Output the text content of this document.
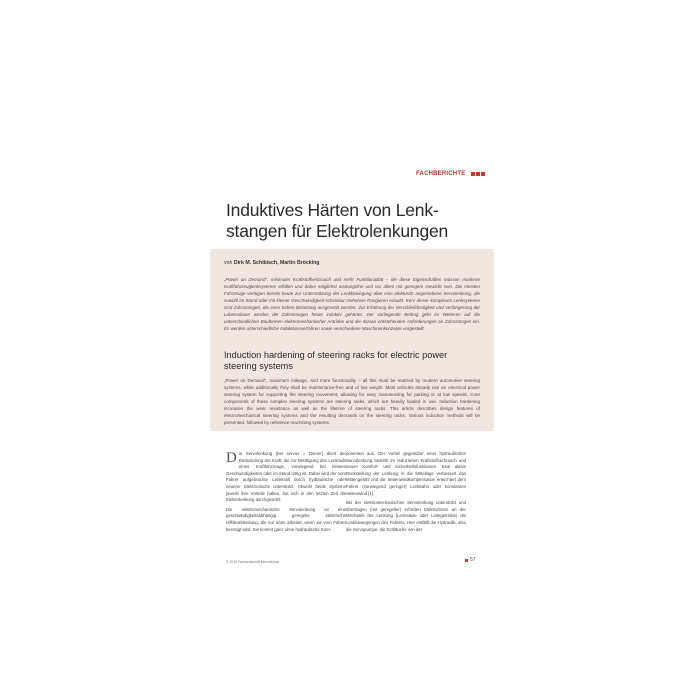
FACHBERICHTE
Induktives Härten von Lenk-stangen für Elektrolenkungen
von Dirk M. Schibisch, Martin Bröcking
„Power on Demand", minimaler Kraftstoffverbrauch und mehr Funktionalität – die diese Eigenschaften müssen moderne Kraftfahrzeuglenksysteme erfüllen und dabei möglichst wartungsfrei und vor allem mit geringem Gewicht sein. Die meisten Fahrzeuge verfügen bereits heute zur Unterstützung der Lenkbewegung über eine elektrisch angetriebene Servolenkung, die sowohl im Stand oder mit kleiner Geschwindigkeit scheinbar mühelose Rangieren erlaubt. Kern dieser komplexen Lenksysteme sind Zahnstangen, die einer hohen Belastung ausgesetzt werden. Zur Erhöhung der Verschleißfestigkeit und Verlängerung der Lebensdauer werden die Zahnstangen heute induktiv gehärtet. Der vorliegende Beitrag geht im Weiteren auf die unterschiedlichen Bauformen elektromechanischer Antriebe und die daraus entstehenden Anforderungen an Zahnstangen ein. Es werden unterschiedliche Induktionsverfahren sowie verschiedene Maschinenkonzepte vorgestellt.
Induction hardening of steering racks for electric power steering systems
„Power on Demand", maximum mileage, and more functionality – all this must be realized by modern automotive steering systems, while additionally they shall be maintenance-free and of low weight. Most vehicles already use an electrical power steering system for supporting the steering movement, allowing for easy manoeuvring for parking or at low speeds. Core components of these complex steering systems are steering racks, which are heavily loaded in use. Induction hardening increases the wear resistance as well as the lifetime of steering racks. This article describes design features of electromechanical steering systems and the resulting demands on the steering racks. Various induction methods will be presented, followed by reference machining systems.

D ie Servolenkung (bei servus = Diener) dient der Reduzierung der Kraft, die zur Betätigung des Lenkrads eines Kraftfahrzeugs, vorwiegend bei kleinen Geschwindigkeiten oder im Stand nötig ist. Dabei wird der vom Fahrer aufgebrachte Lenkkraft durch hydraulische oder neuerer Elektronische unterstützt. Obwohl beide Systeme jeweils ihre Vorteile haben, hat sich in den letzten Zeit die Elektrolenkung durchgesetzt.

Die elektromechanische Servolenkung ist eine geschwindigkeitsabhängig geregelte elektrische Hilfskraftlenkung, die nur dann arbeitet, wenn sie vom Fahrer benötigt wird. Sie kommt ganz ohne hydraulische Kom-

ponenten aus. Der Vorteil gegenüber einer hydraulischen Servolenkung besteht im reduzierten Kraftstoffverbrauch und neuen Komfort- und Sicherheitsfunktionen. Eine aktive Rückstellung der Lenkung in die Mittellage verbessert das Mittengefühl und die Seitenwindkompensation erleichtert dem Fahrer (vorwiegend geringer) Lenkbahn oder konstanten Seitenwind [1].

Bei der elektromechanischen Servolenkung unterstützt und übertragen (mit geregelter) erfordert Elektromotor an der Mechanik der Lenkung (Lenksäule oder Lenkgetriebe) die Lenkbewegungen des Fahrers. Hier entfällt die Hydraulik, also die Servopumpe, die Schläuche von der

© 2015 Fachzeitschrift international	57
